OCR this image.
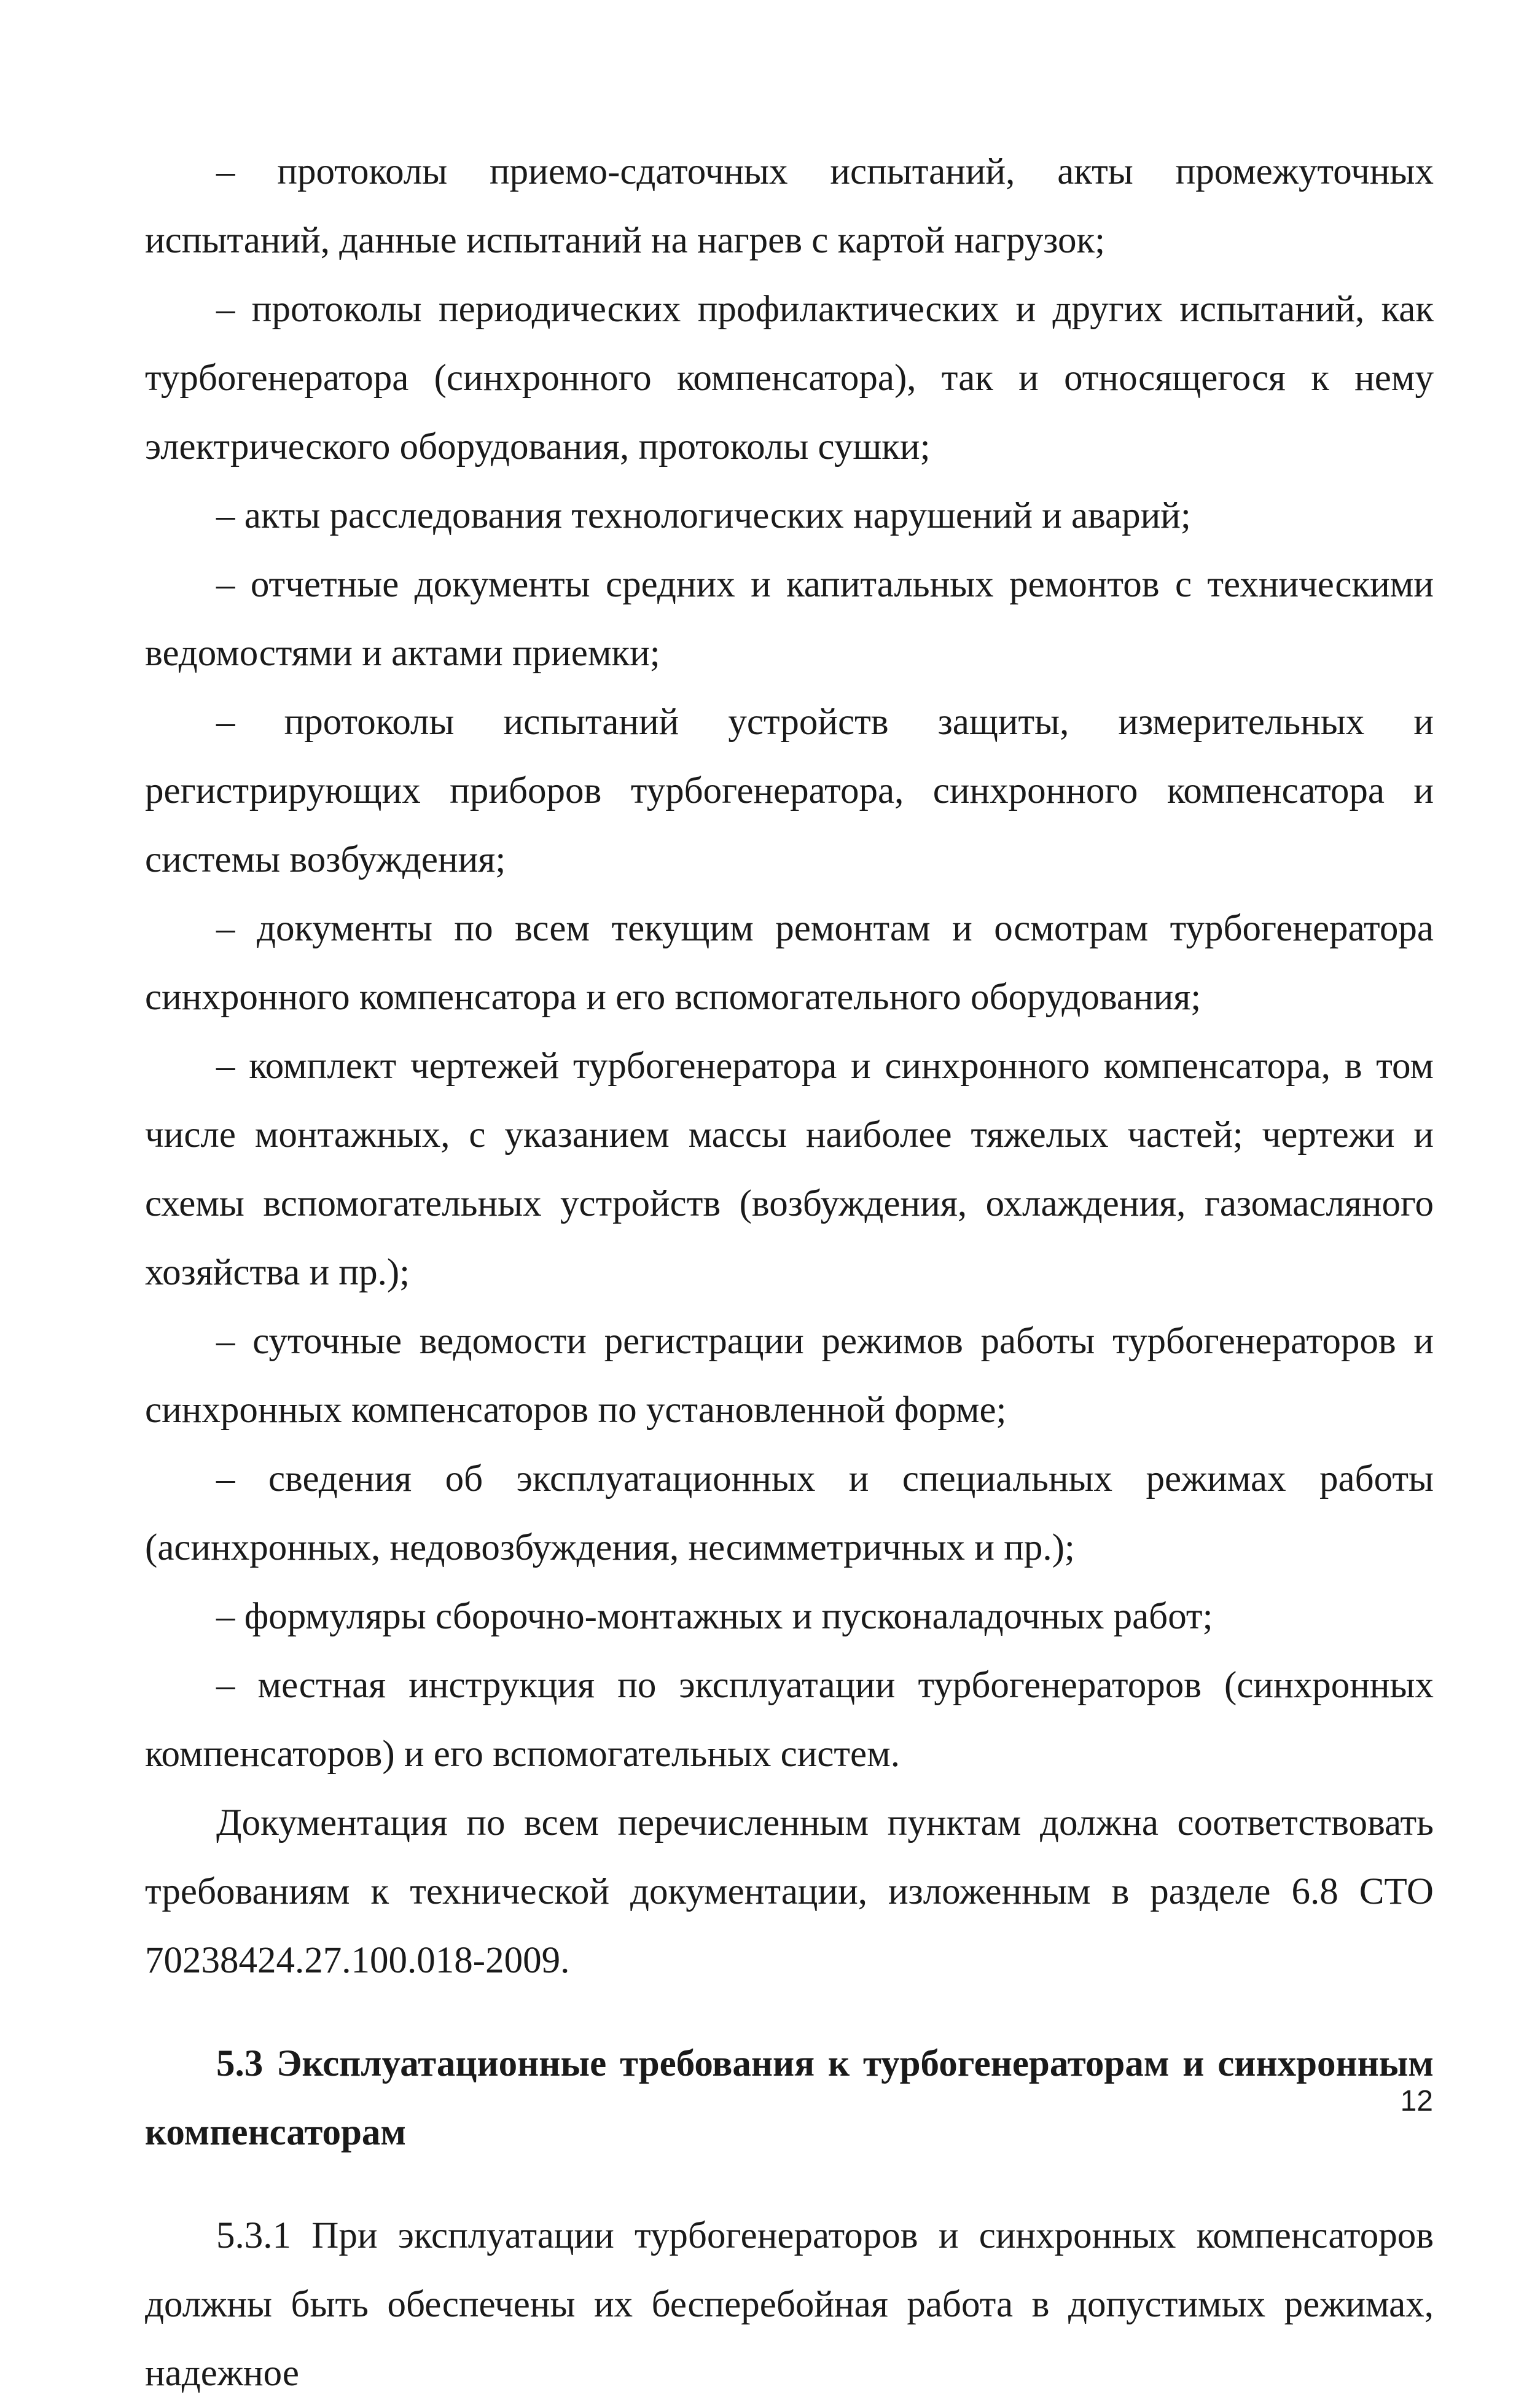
– протоколы приемо-сдаточных испытаний, акты промежуточных испытаний, данные испытаний на нагрев с картой нагрузок;

– протоколы периодических профилактических и других испытаний, как турбогенератора (синхронного компенсатора), так и относящегося к нему электрического оборудования, протоколы сушки;

– акты расследования технологических нарушений и аварий;

– отчетные документы средних и капитальных ремонтов с техническими ведомостями и актами приемки;

– протоколы испытаний устройств защиты, измерительных и регистрирующих приборов турбогенератора, синхронного компенсатора и системы возбуждения;

– документы по всем текущим ремонтам и осмотрам турбогенератора синхронного компенсатора и его вспомогательного оборудования;

– комплект чертежей турбогенератора и синхронного компенсатора, в том числе монтажных, с указанием массы наиболее тяжелых частей; чертежи и схемы вспомогательных устройств (возбуждения, охлаждения, газомасляного хозяйства и пр.);

– суточные ведомости регистрации режимов работы турбогенераторов и синхронных компенсаторов по установленной форме;

– сведения об эксплуатационных и специальных режимах работы (асинхронных, недовозбуждения, несимметричных и пр.);

– формуляры сборочно-монтажных и пусконаладочных работ;

– местная инструкция по эксплуатации турбогенераторов (синхронных компенсаторов) и его вспомогательных систем.

Документация по всем перечисленным пунктам должна соответствовать требованиям к технической документации, изложенным в разделе 6.8 СТО 70238424.27.100.018-2009.

5.3 Эксплуатационные требования к турбогенераторам и синхронным компенсаторам

5.3.1 При эксплуатации турбогенераторов и синхронных компенсаторов должны быть обеспечены их бесперебойная работа в допустимых режимах, надежное

12
